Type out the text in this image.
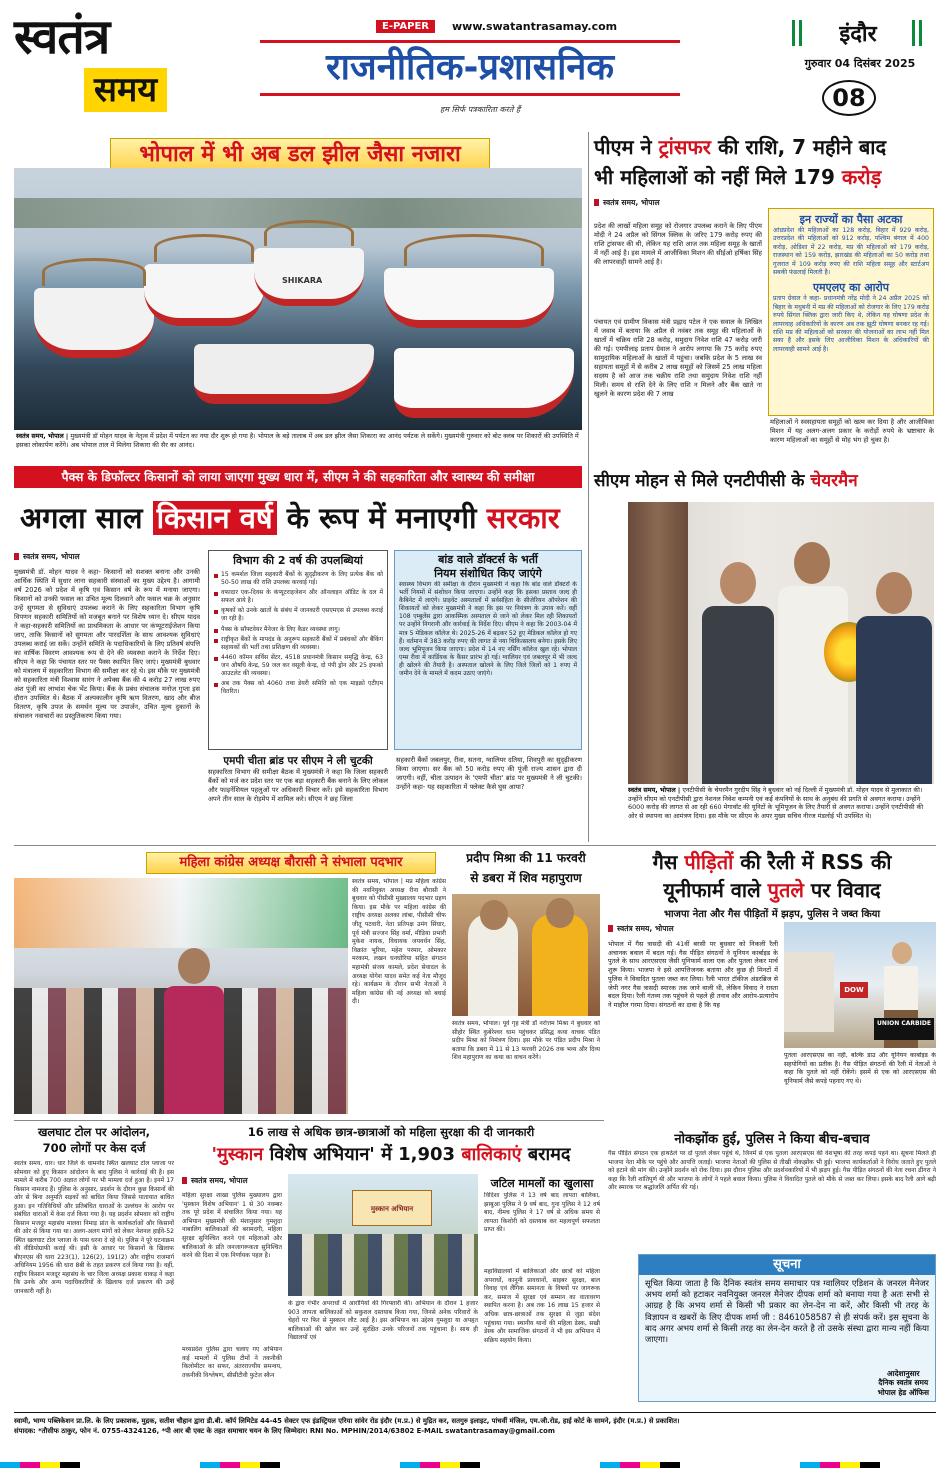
स्वतंत्र
समय
E-PAPER	www.swatantrasamay.com
राजनीतिक-प्रशासनिक
हम सिर्फ पत्रकारिता करते हैं
इंदौर
गुरुवार 04 दिसंबर 2025
08
भोपाल में भी अब डल झील जैसा नजारा
SHIKARA
स्वतंत्र समय, भोपाल | मुख्यमंत्री डॉ मोहन यादव के नेतृत्व में प्रदेश में पर्यटन का नया दौर शुरू हो गया है। भोपाल के बड़े तालाब में अब डल झील जैसा शिकारा का आनंद पर्यटक ले सकेंगे। मुख्यमंत्री गुरुवार को बोट क्लब पर शिकारों की उपस्थिति में इसका लोकार्पण करेंगे। अब भोपाल ताल में मिलेगा शिकारा की सैर का आनंद।
पीएम ने ट्रांसफर की राशि, 7 महीने बाद
भी महिलाओं को नहीं मिले 179 करोड़
स्वतंत्र समय, भोपाल
प्रदेश की लाखों महिला समूह को रोजगार उपलब्ध कराने के लिए पीएम मोदी ने 24 अप्रैल को सिंगल क्लिक के जरिए 179 करोड़ रुपए की राशि ट्रांसफर की थी, लेकिन यह राशि आज तक महिला समूह के खातों में नहीं आई है। इस मामले में आजीविका मिशन की सीईओ हर्षिका सिंह की लापरवाही सामने आई है।
पंचायत एवं ग्रामीण विकास मंत्री प्रह्लाद पटेल ने एक सवाल के लिखित में जवाब में बताया कि अप्रैल से नवंबर तक समूह की महिलाओं के खातों में चक्रिय राशि 28 करोड़, समुदाय निवेश राशि 47 करोड़ जारी की गई। एमपीलाइ प्रताप ग्रेवाल ने आरोप लगाया कि 75 करोड़ रुपए सामुदायिक महिलाओं के खातों में पहुंचा। जबकि प्रदेश के 5 लाख स्व सहायता समूहों में से करीब 2 लाख समूहों को जिसमें 25 लाख महिला सदस्य है को आज तक चक्रीय राशि तथा समुदाय निवेश राशि नहीं मिली। समय से राशि देने के लिए राशि न मिलने और बैंक खाते ना खुलने के कारण प्रदेश की 7 लाख
इन राज्यों का पैसा अटका
आंध्रप्रदेश की महिलाओं का 128 करोड़, बिहार में 929 करोड़, उत्तरप्रदेश की महिलाओं को 912 करोड़, पश्चिम बंगाल में 400 करोड़, ओडिशा में 22 करोड़, मप्र की महिलाओं को 179 करोड़, राजस्थान को 159 करोड़, झारखंड की महिलाओं का 50 करोड़ तथा गुजरात में 109 करोड़ रुपए की राशि महिला समूह और स्टार्टअप सबकी फंडलाई मिलती है।
एमएलए का आरोप
प्रताप ग्रेवाल ने कहा- प्रधानमंत्री नरेंद्र मोदी ने 24 अप्रैल 2025 को बिहार के मधुबनी में मप्र की महिलाओं को रोजगार के लिए 179 करोड़ रुपये सिंगल क्लिक द्वारा जारी किए थे, लेकिन यह घोषणा प्रदेश के लापरवाह अधिकारियों के कारण अब तक झूठी घोषणा बनकर रह गई। राशि मप्र की महिलाओं को सरकार की योजनाओं का लाभ नहीं मिल सका है और इसके लिए आजीविका मिशन के अधिकारियों की लापरवाही सामने आई है।
महिलाओं ने स्वसहायता समूहों को खत्म कर दिया है और आजीविका मिशन में यह अलग-अलग प्रकार के करोड़ों रुपये के भ्रष्टाचार के कारण महिलाओं का समूहों से मोह भंग हो चुका है।
पैक्स के डिफॉल्टर किसानों को लाया जाएगा मुख्य धारा में, सीएम ने की सहकारिता और स्वास्थ्य की समीक्षा
अगला साल किसान वर्ष के रूप में मनाएगी सरकार
स्वतंत्र समय, भोपाल
मुख्यमंत्री डॉ. मोहन यादव ने कहा- किसानों को सशक्त बनाना और उनकी आर्थिक स्थिति में सुधार लाना सहकारी संस्थाओं का मुख्य उद्देश्य है। आगामी वर्ष 2026 को प्रदेश में कृषि एवं किसान वर्ष के रूप में मनाया जाएगा। किसानों को उनकी फसल का उचित मूल्य दिलवाने और फसल चक्र के अनुसार उन्हें सुगमता से सुविधाएं उपलब्ध कराने के लिए सहकारिता विभाग कृषि विपणन सहकारी समितियों को मजबूत बनाने पर विशेष ध्यान दे। सीएम यादव ने कहा-सहकारी समितियों का प्राथमिकता के आधार पर कंप्यूटराईजेशन किया जाए, ताकि किसानों को सुगमता और पारदर्शिता के साथ आवश्यक सुविधाएं उपलब्ध कराई जा सकें। उन्होंने समिति के पदाधिकारियों के लिए प्रतिवर्ष संपत्ति का वार्षिक विवरण आवश्यक रूप से देने की व्यवस्था कराने के निर्देश दिए। सीएम ने कहा कि पंचायत स्तर पर पैक्स स्थापित किए जाएं। मुख्यमंत्री बुधवार को मंत्रालय में सहकारिता विभाग की समीक्षा कर रहे थे। इस मौके पर मुख्यमंत्री को सहकारिता मंत्री विश्वास सारंग ने अपेक्स बैंक की 4 करोड़ 27 लाख रुपए अंश पूंजी का लाभांश चेक भेंट किया। बैंक के प्रबंध संचालक मनोज गुप्ता इस दौरान उपस्थित थे। बैठक में अल्पकालीन कृषि ऋण वितरण, खाद और बीज वितरण, कृषि उपज के समर्थन मूल्य पर उपार्जन, उचित मूल्य दुकानों के संचालन नवाचारों का प्रस्तुतिकरण किया गया।
विभाग की 2 वर्ष की उपलब्धियां
15 कमर्शल जिला सहकारी बैंकों के सुदृढ़ीकरण के लिए प्रत्येक बैंक को 50-50 लाख की राशि उपलब्ध करवाई गई।
वफादार एक-दिवस के कंप्यूटराइजेशन और ऑनलाइन ऑडिट के दल में सफल आये है।
कृषकों को उनके खातों के संबंध में जानकारी एसएमएस से उपलब्ध कराई जा रही है।
पैक्स के सॉफ्टवेयर मैनेजर के लिए कैडर व्यवस्था लागू।
राष्ट्रीकृत बैंकों के मापदंड के अनुरूप सहकारी बैंकों में प्रबंधकों और बैंकिंग सहायकों की भर्ती तथा प्रशिक्षण की व्यवस्था।
4460 कॉमन सर्विस सेंटर, 4518 प्रधानमंत्री किसान समृद्धि केन्द्र, 63 जन औषधि केन्द्र, 59 जल कर वसूली केन्द्र, दो पंपी ड्रोन और 25 इफको आउटलेट की व्यवस्था।
अब तक पैक्स को 4060 तथा डेयरी समिति को एक माइक्रो एटीएम वितरित।
एमपी चीता ब्रांड पर सीएम ने ली चुटकी
सहकारिता विभाग की समीक्षा बैठक में मुख्यमंत्री ने कहा कि जिला सहकारी बैंकों को मर्ज कर प्रदेश स्तर पर एक बड़ा सहकारी बैंक बनाने के लिए लोकल और फाइनेंशियल पहलुओं पर अधिकारी विचार करें। इसे सहकारिता विभाग अपने तीन साल के रोड़मेप में शामिल करे। सीएम ने छह जिला
बांड वाले डॉक्टर्स के भर्ती
नियम संशोधित किए जाएंगे
स्वास्थ्य विभाग की समीक्षा के दौरान मुख्यमंत्री ने कहा कि बांड वाले डॉक्टरों के भर्ती नियमों में संशोधन किया जाएगा। उन्होंने कहा कि इसका प्रस्ताव जल्द ही कैबिनेट में लाएंगे। प्राइवेट अस्पतालों में सर्वसंहिता के सीजेरियन ऑपरेशन की शिकायतों को लेकर मुख्यमंत्री ने कहा कि इस पर नियंत्रण के उपाय करें। वहीं 108 एम्बुलेंस द्वारा आकस्मिक अस्पताल से जाने को लेकर मिल रही शिकायतों पर उन्होंने निगरानी और कार्रवाई के निर्देश दिए। सीएम ने कहा कि 2003-04 में मात्र 5 मेडिकल कॉलेज थे। 2025-26 में बढ़कर 52 हुए मेडिकल कॉलेज हो गए हैं। वर्तमान में 383 करोड़ रुपए की लागत से नया चिकित्सालय बनेगा। इसके लिए जल्द भूमिपूजन किया जाएगा। प्रदेश में 14 नए नर्सिंग कॉलेज खुल रहे। भोपाल एम्स रीवा में कार्डियक के कैंसर प्रारंभ हो गई। ग्वालियर एवं जबलपुर में भी जल्द ही खोलने की तैयारी है। अस्पताल खोलने के लिए जिले जिलों को 1 रुपए में जमीन देने के मामले में कदम उठाए जाएंगे।
सहकारी बैंकों जबलपुर, रीवा, सतना, ग्वालियर दतिया, शिवपुरी का सुदृढ़ीकरण किया जाएगा। सर बैंक को 50 करोड़ रुपए की पूंजी राज्य शासन द्वारा दी जाएगी। वहीं, चीता उत्पादन के 'एमपी चीता' ब्रांड पर मुख्यमंत्री ने ली चुटकी। उन्होंने कहा- यह सहकारिता में फ्लेक्ट कैसे घुस आया?
सीएम मोहन से मिले एनटीपीसी के चेयरमैन
स्वतंत्र समय, भोपाल | एनटीपीसी के चेयरमैन गुरदीप सिंह ने बुधवार को नई दिल्ली में मुख्यमंत्री डॉ. मोहन यादव से मुलाकात की। उन्होंने सीएम को एनटीपीसी द्वारा नेशनल निवेश कम्पनी एवं कई कंपनियों के साथ के अनुबंध की प्रगति से अवगत कराया। उन्होंने 6000 करोड़ की लागत से आ रही 660 मेगावॉट की यूनिटों के भूमिपूजन के लिए तैयारी से अवगत कराया। उन्होंने एनटीपीसी की ओर से स्थापना का आमंत्रण दिया। इस मौके पर सीएम के अपर मुख्य सचिव नीरज मंडलोई भी उपस्थित थे।
महिला कांग्रेस अध्यक्ष बौरासी ने संभाला पदभार
स्वतंत्र समय, भोपाल | मप्र महिला कांग्रेस की नवनियुक्त अध्यक्ष रीना बौरासी ने बुधवार को पीसीसी मुख्यालय पदभार ग्रहण किया। इस मौके पर महिला कांग्रेस की राष्ट्रीय अध्यक्ष अलका लांबा, पीसीसी चीफ जीतू पटवारी, नेता प्रतिपक्ष उमंग सिंघार, पूर्व मंत्री सज्जन सिंह वर्मा, मीडिया प्रभारी मुकेश नायक, विधायक जयवर्धन सिंह, विक्रांत भूरिया, महेश परमार, ओमकार मरकाम, लखन घनघोरिया सहित संगठन महामंत्री संजय कामले, प्रदेश सेवादल के अध्यक्ष योगेश यादव समेत कई नेता मौजूद रहे। कार्यक्रम के दौरान सभी नेताओं ने महिला कांग्रेस की नई अध्यक्ष को बधाई दी।
प्रदीप मिश्रा की 11 फरवरी
से डबरा में शिव महापुराण
स्वतंत्र समय, भोपाल। पूर्व गृह मंत्री डॉ नरोत्तम मिश्रा ने बुधवार को सीहोर स्थित कुबेरेश्वर धाम पहुंचकर प्रसिद्ध कथा वाचक पंडित प्रदीप मिश्रा को निमंत्रण दिया। इस मौके पर पंडित प्रदीप मिश्रा ने बताया कि डबरा में 11 से 13 फरवरी 2026 तक भव्य और दिव्य शिव महापुराण का कथा का वाचन करेंगे।
गैस पीड़ितों की रैली में RSS की
यूनीफार्म वाले पुतले पर विवाद
भाजपा नेता और गैस पीड़ितों में झड़प, पुलिस ने जब्त किया
स्वतंत्र समय, भोपाल
भोपाल में गैस त्रासदी की 41वीं बरसी पर बुधवार को निकली रैली अचानक बवाल में बदल गई। गैस पीड़ित संगठनों ने यूनियन कार्बाइड के पुतले के साथ आरएसएस जैसी यूनिफार्म वाला एक और पुतला लेकर मार्च शुरू किया। भाजपा ने इसे आपत्तिजनक बताया और कुछ ही मिनटों में पुलिस ने विवादित पुतला जब्त कर लिया। रैली भारत टॉकीज अंडरब्रिज से जेपी नगर गैस त्रासदी स्मारक तक जाने वाली थी, लेकिन विवाद ने रास्ता बदल दिया। रैली गंतव्य तक पहुंचने से पहले ही तनाव और आरोप-प्रत्यारोप ने माहौल गरमा दिया। संगठनों का दावा है कि यह
DOW
UNION CARBIDE
पुतला आरएसएस का नहीं, बल्कि डाउ और यूनियन कार्बाइड के सहयोगियों का प्रतीक है। गैस पीड़ित संगठनों की रैली में नेताओं ने कहा कि पुतले को नहीं रोकेंगे। इसमें से एक को आरएसएस की यूनिफार्म जैसे कपड़े पहनाए गए थे।
नोकझोंक हुई, पुलिस ने किया बीच-बचाव
गैस पीड़ित संगठन एक हाथठेले पर दो पुतले लेकर पहुंचे थे, जिनमें से एक पुतला आरएसएस की वेशभूषा की तरह कपड़े पहने था। सूचना मिलते ही भाजपा नेता मौके पर पहुंचे और आपत्ति जताई। भाजपा नेताओं की पुलिस से तीखी नोकझोंक भी हुई। भाजपा कार्यकर्ताओं ने विरोध जताते हुए पुतले को हटाने की मांग की। उन्होंने प्रदर्शन को रोक दिया। इस दौरान पुलिस और प्रदर्शनकारियों में भी झड़प हुई। गैस पीड़ित संगठनों की नेता रचना ढींगरा ने कहा कि रैली शांतिपूर्ण थी और भाजपा के लोगों ने पहले बवाल किया। पुलिस ने विवादित पुतले को मौके से जब्त कर लिया। इसके बाद रैली आगे बढ़ी और स्मारक पर श्रद्धांजलि अर्पित की गई।
खलघाट टोल पर आंदोलन,
700 लोगों पर केस दर्ज
स्वतंत्र समय, धार। धार जिले के धामनोद स्थित खलघाट टोल प्लाजा पर सोमवार को हुए किसान आंदोलन के बाद पुलिस ने कार्रवाई की है। इस मामले में करीब 700 अज्ञात लोगों पर भी मामला दर्ज हुआ है। इनमें 17 किसान नामजद हैं। पुलिस के अनुसार, प्रदर्शन के दौरान कुछ किसानों की ओर से बिना अनुमति सड़कों को बाधित किया जिससे यातायात बाधित हुआ। इन गतिविधियों और प्रतिबंधित धाराओं के उल्लंघन के आरोप पर संबंधित धाराओं में केस दर्ज किया गया है। यह प्रदर्शन सोमवार को राष्ट्रीय किसान मजदूर महासंघ मालवा निमाड़ प्रांत के कार्यकर्ताओं और किसानों की ओर से किया गया था। अलग-अलग मांगों को लेकर नेशनल हाईवे-52 स्थित खलघाट टोल प्लाजा के पास धरना दे रहे थे। पुलिस ने पूरे घटनाक्रम की वीडियोग्राफी कराई थी। इसी के आधार पर किसानों के खिलाफ बीएनएस की धारा 223(1), 126(2), 191(2) और राष्ट्रीय राजमार्ग अधिनियम 1956 की धारा 8बी के तहत प्रकरण दर्ज किया गया है। वहीं, राष्ट्रीय किसान मजदूर महासंघ के चार जिला अध्यक्ष प्रकाश धाकड़ ने कहा कि उनके और अन्य पदाधिकारियों के खिलाफ दर्ज प्रकरण की उन्हें जानकारी नहीं है।
16 लाख से अधिक छात्र-छात्राओं को महिला सुरक्षा की दी जानकारी
'मुस्कान विशेष अभियान' में 1,903 बालिकाएं बरामद
स्वतंत्र समय, भोपाल
महिला सुरक्षा शाखा पुलिस मुख्यालय द्वारा 'मुस्कान विशेष अभियान' 1 से 30 नवम्बर तक पूरे प्रदेश में संचालित किया गया। यह अभियान मुख्यमंत्री की मंशानुसार गुमशुदा नाबालिग बालिकाओं की बरामदगी, महिला सुरक्षा सुनिश्चित करने एवं महिलाओं और बालिकाओं के प्रति जनजागरूकता सुनिश्चित करने की दिशा में एक निर्णायक पहल है।
मुस्कान अभियान
मध्यप्रदेश पुलिस द्वारा चलाए गए अभियान कई मामलों में पुलिस टीमों ने तकनीकी किलोमीटर का सफर, अंतरराज्यीय समन्वय, तकनीकी विश्लेषण, सीसीटीवी फुटेज स्कैन
के द्वारा गंभीर अपराधों में आरोपियों की गिरफ्तारी की। अभियान के दौरान 1 हजार 903 लापता बालिकाओं को सकुशल दस्तयाब किया गया, जिनसे अनेक परिवारों के चेहरों पर फिर से मुस्कान लौट आई है। इस अभियान का उद्देश्य गुमशुदा या अपहृत बालिकाओं की खोज कर उन्हें सुरक्षित उनके परिजनों तक पहुंचाना है। साथ ही विद्यालयों एवं
जटिल मामलों का खुलासा
विदिशा पुलिस ने 13 वर्ष बाद लापता बालिका, झाबुआ पुलिस ने 9 वर्ष बाद, गुना पुलिस ने 12 वर्ष बाद, नीमच पुलिस ने 17 वर्ष से अधिक समय से लापता किशोरी को दस्तयाब कर महत्वपूर्ण सफलता प्राप्त की।
महाविद्यालयों में बालिकाओं और छात्रों को महिला अपराधों, कानूनी प्रावधानों, साइबर सुरक्षा, बाल विवाह एवं लैंगिक समानता के विषयों पर जागरूक कर, समाज में सुरक्षा एवं सम्मान का वातावरण स्थापित करना है। अब तक 16 लाख 15 हजार से अधिक छात्र-छात्राओं तक सुरक्षा से जुड़ा संदेश पहुंचाया गया। स्थानीय थानों की महिला डेस्क, सखी डेस्क और सामाजिक संगठनों ने भी इस अभियान में सक्रिय सहयोग किया।
सूचना
सूचित किया जाता है कि दैनिक स्वतंत्र समय समाचार पत्र ग्वालियर एडिशन के जनरल मैनेजर अभय शर्मा को हटाकर नवनियुक्त जनरल मैनेजर दीपक शर्मा को बनाया गया है अतः सभी से आग्रह है कि अभय शर्मा से किसी भी प्रकार का लेन-देन ना करें, और किसी भी तरह के विज्ञापन व खबरों के लिए दीपक शर्मा जी : 8461058587 से ही संपर्क करें। इस सूचना के बाद अगर अभय शर्मा से किसी तरह का लेन-देन करते है तो उसके संस्था द्वारा मान्य नहीं किया जाएगा।
आदेशानुसार
दैनिक स्वतंत्र समय
भोपाल हेड ऑफिस
स्वामी, भाग्य पब्लिकेशन प्रा.लि. के लिए प्रकाशक, मुद्रक, सतीश चौहान द्वारा डी.बी. कॉर्प लिमिटेड 44-45 सेक्टर एफ इंडस्ट्रियल एरिया सांवेर रोड इंदौर (म.प्र.) से मुद्रित कर, सतगुरु इलाइट, पांचवीं मंजिल, एम.जी.रोड, हाई कोर्ट के सामने, इंदौर (म.प्र.) से प्रकाशित।
संपादक: *तौसीफ ठाकुर, फोन नं. 0755-4324126, *पी आर बी एक्ट के तहत समाचार चयन के लिए जिम्मेदार। RNI No. MPHIN/2014/63802 E-MAIL swatantrasamay@gmail.com
